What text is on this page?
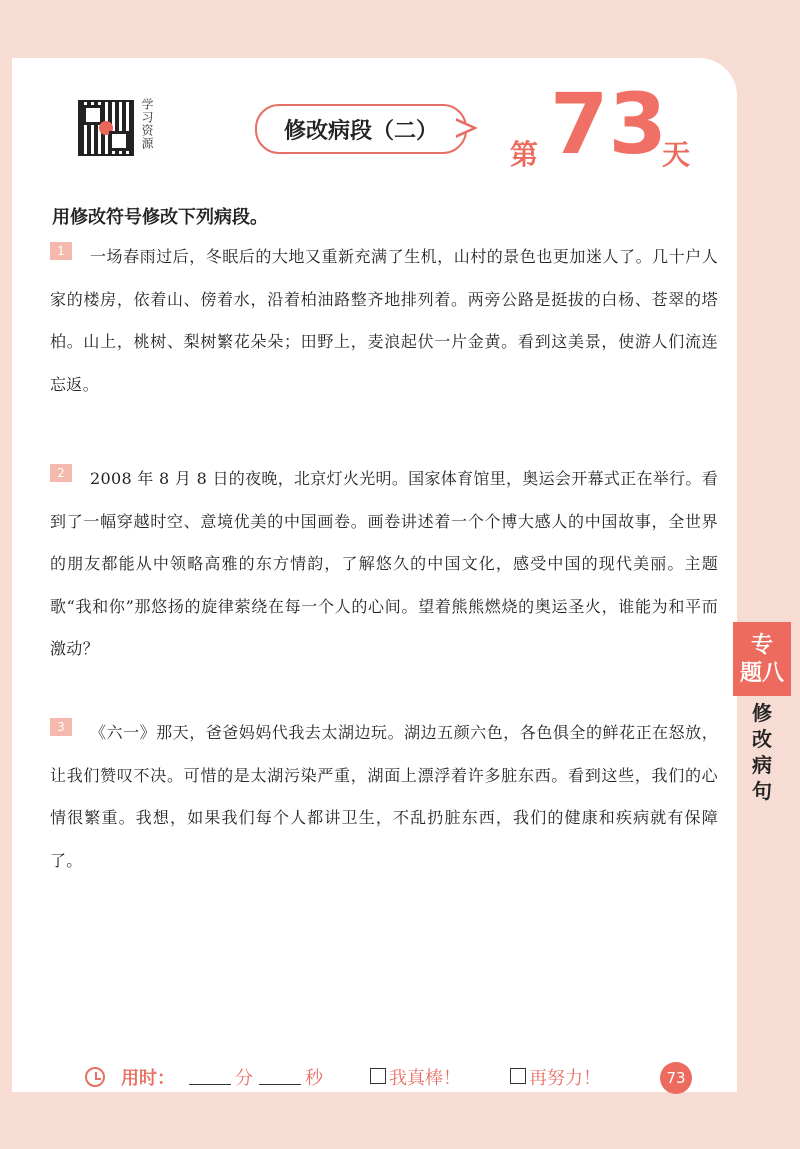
学习资源	修改病段（二）
第 73
天
用修改符号修改下列病段。
1	一场春雨过后，冬眠后的大地又重新充满了生机，山村的景色也更加迷人了。几十户人家的楼房，依着山、傍着水，沿着柏油路整齐地排列着。两旁公路是挺拔的白杨、苍翠的塔柏。山上，桃树、梨树繁花朵朵；田野上，麦浪起伏一片金黄。看到这美景，使游人们流连忘返。
2	2008 年 8 月 8 日的夜晚，北京灯火光明。国家体育馆里，奥运会开幕式正在举行。看到了一幅穿越时空、意境优美的中国画卷。画卷讲述着一个个博大感人的中国故事，全世界的朋友都能从中领略高雅的东方情韵，了解悠久的中国文化，感受中国的现代美丽。主题歌“我和你”那悠扬的旋律萦绕在每一个人的心间。望着熊熊燃烧的奥运圣火，谁能为和平而激动？
3	《六一》那天，爸爸妈妈代我去太湖边玩。湖边五颜六色，各色俱全的鲜花正在怒放，让我们赞叹不决。可惜的是太湖污染严重，湖面上漂浮着许多脏东西。看到这些，我们的心情很繁重。我想，如果我们每个人都讲卫生，不乱扔脏东西，我们的健康和疾病就有保障了。
专
题八
修改病句
用时：	分	秒	我真棒！	再努力！	73
